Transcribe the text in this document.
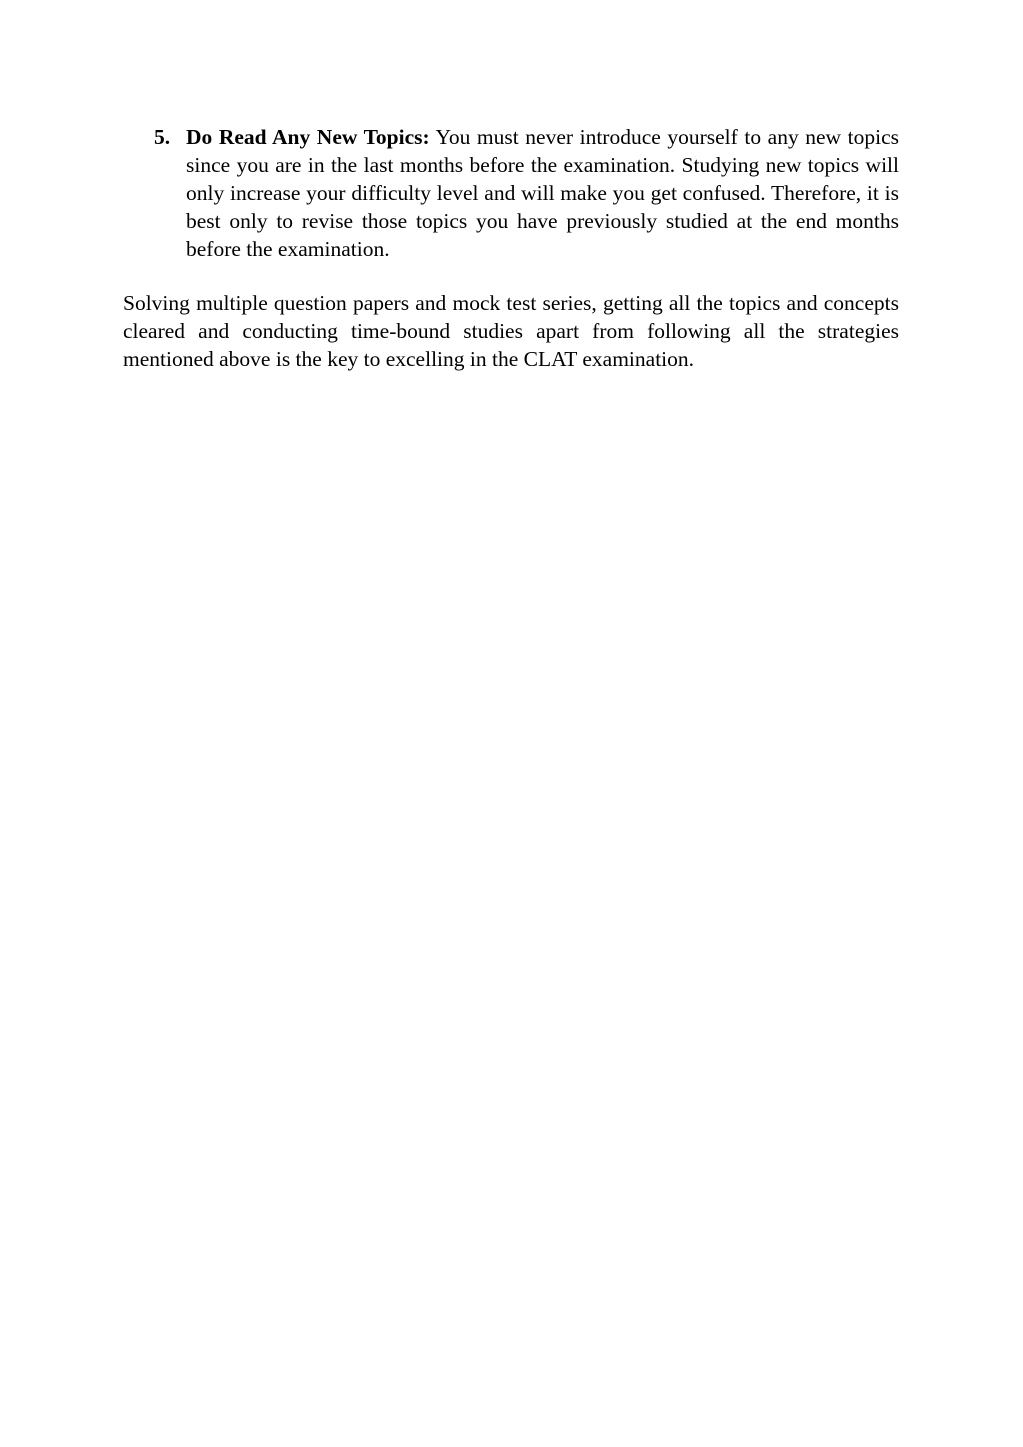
5. Do Read Any New Topics: You must never introduce yourself to any new topics since you are in the last months before the examination. Studying new topics will only increase your difficulty level and will make you get confused. Therefore, it is best only to revise those topics you have previously studied at the end months before the examination.

Solving multiple question papers and mock test series, getting all the topics and concepts cleared and conducting time-bound studies apart from following all the strategies mentioned above is the key to excelling in the CLAT examination.
